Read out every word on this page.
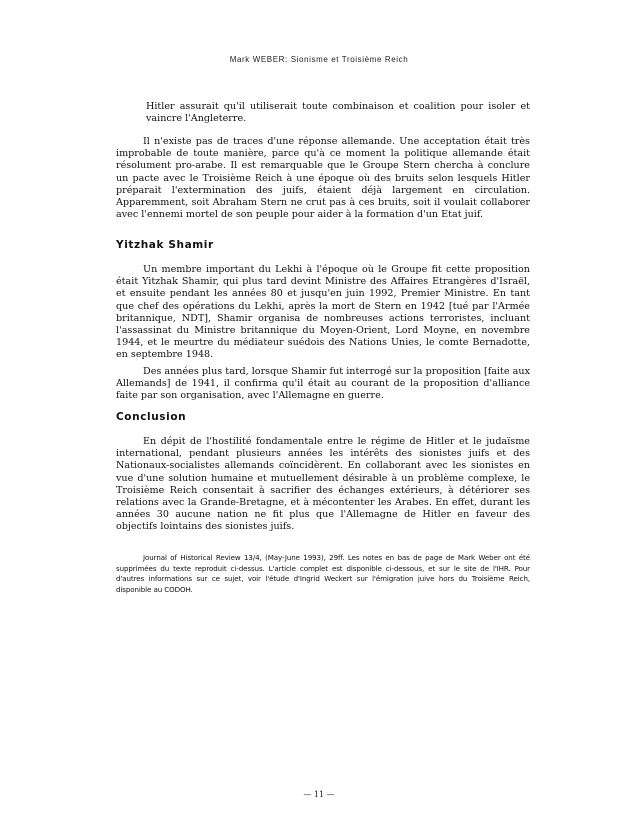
Mark WEBER: Sionisme et Troisième Reich

Hitler assurait qu'il utiliserait toute combinaison et coalition pour isoler et vaincre l'Angleterre.

Il n'existe pas de traces d'une réponse allemande. Une acceptation était très improbable de toute manière, parce qu'à ce moment la politique allemande était résolument pro-arabe. Il est remarquable que le Groupe Stern chercha à conclure un pacte avec le Troisième Reich à une époque où des bruits selon lesquels Hitler préparait l'extermination des juifs, étaient déjà largement en circulation. Apparemment, soit Abraham Stern ne crut pas à ces bruits, soit il voulait collaborer avec l'ennemi mortel de son peuple pour aider à la formation d'un Etat juif.

Yitzhak Shamir

Un membre important du Lekhi à l'époque où le Groupe fit cette proposition était Yitzhak Shamir, qui plus tard devint Ministre des Affaires Etrangères d'Israël, et ensuite pendant les années 80 et jusqu'en juin 1992, Premier Ministre. En tant que chef des opérations du Lekhi, après la mort de Stern en 1942 [tué par l'Armée britannique, NDT], Shamir organisa de nombreuses actions terroristes, incluant l'assassinat du Ministre britannique du Moyen-Orient, Lord Moyne, en novembre 1944, et le meurtre du médiateur suédois des Nations Unies, le comte Bernadotte, en septembre 1948.

Des années plus tard, lorsque Shamir fut interrogé sur la proposition [faite aux Allemands] de 1941, il confirma qu'il était au courant de la proposition d'alliance faite par son organisation, avec l'Allemagne en guerre.

Conclusion

En dépit de l'hostilité fondamentale entre le régime de Hitler et le judaïsme international, pendant plusieurs années les intérêts des sionistes juifs et des Nationaux-socialistes allemands coïncidèrent. En collaborant avec les sionistes en vue d'une solution humaine et mutuellement désirable à un problème complexe, le Troisième Reich consentait à sacrifier des échanges extérieurs, à détériorer ses relations avec la Grande-Bretagne, et à mécontenter les Arabes. En effet, durant les années 30 aucune nation ne fit plus que l'Allemagne de Hitler en faveur des objectifs lointains des sionistes juifs.

Journal of Historical Review 13/4, (May-June 1993), 29ff. Les notes en bas de page de Mark Weber ont été supprimées du texte reproduit ci-dessus. L'article complet est disponible ci-dessous, et sur le site de l'IHR. Pour d'autres informations sur ce sujet, voir l'étude d'Ingrid Weckert sur l'émigration juive hors du Troisième Reich, disponible au CODOH.

— 11 —
